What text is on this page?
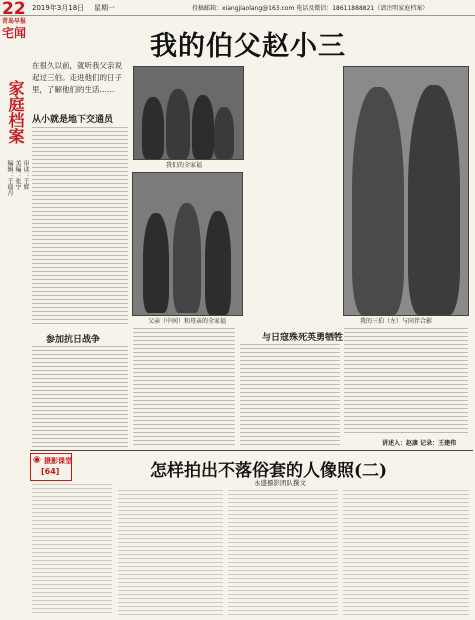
22 2019年3月18日 星期一	投稿邮箱：xiangjiaolang@163.com 电话及微信：18611888821（请注明家庭档案）
青岛早报
宅闻
家庭档案
编辑：王瑞丹 美编：张宁 审读：王辉
我的伯父赵小三
在很久以前，就听我父亲说起过三伯。走进他们的日子里，了解他们的生活……
从小就是地下交通员
参加抗日战争
我们的全家福
父亲（中间）和母亲的全家福	我的三伯（左）与同伴合影
与日寇殊死英勇牺牲
讲述人：赵康 记录：王建伟
◉ 摄影课堂
[64]	怎样拍出不落俗套的人像照(二)
永盛摄影团队撰文
